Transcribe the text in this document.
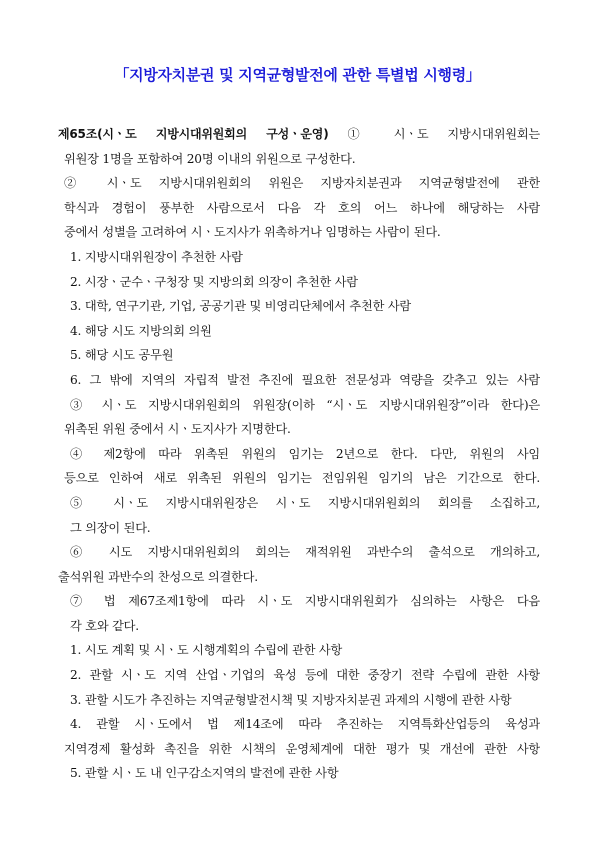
「지방자치분권 및 지역균형발전에 관한 특별법 시행령」
제65조(시ㆍ도 지방시대위원회의 구성ㆍ운영) ① 시ㆍ도 지방시대위원회는
위원장 1명을 포함하여 20명 이내의 위원으로 구성한다.
② 시ㆍ도 지방시대위원회의 위원은 지방자치분권과 지역균형발전에 관한
학식과 경험이 풍부한 사람으로서 다음 각 호의 어느 하나에 해당하는 사람
중에서 성별을 고려하여 시ㆍ도지사가 위촉하거나 임명하는 사람이 된다.
1. 지방시대위원장이 추천한 사람
2. 시장ㆍ군수ㆍ구청장 및 지방의회 의장이 추천한 사람
3. 대학, 연구기관, 기업, 공공기관 및 비영리단체에서 추천한 사람
4. 해당 시도 지방의회 의원
5. 해당 시도 공무원
6. 그 밖에 지역의 자립적 발전 추진에 필요한 전문성과 역량을 갖추고 있는 사람
③ 시ㆍ도 지방시대위원회의 위원장(이하 “시ㆍ도 지방시대위원장”이라 한다)은
위촉된 위원 중에서 시ㆍ도지사가 지명한다.
④ 제2항에 따라 위촉된 위원의 임기는 2년으로 한다. 다만, 위원의 사임
등으로 인하여 새로 위촉된 위원의 임기는 전임위원 임기의 남은 기간으로 한다.
⑤ 시ㆍ도 지방시대위원장은 시ㆍ도 지방시대위원회의 회의를 소집하고,
그 의장이 된다.
⑥ 시도 지방시대위원회의 회의는 재적위원 과반수의 출석으로 개의하고,
출석위원 과반수의 찬성으로 의결한다.
⑦ 법 제67조제1항에 따라 시ㆍ도 지방시대위원회가 심의하는 사항은 다음
각 호와 같다.
1. 시도 계획 및 시ㆍ도 시행계획의 수립에 관한 사항
2. 관할 시ㆍ도 지역 산업ㆍ기업의 육성 등에 대한 중장기 전략 수립에 관한 사항
3. 관할 시도가 추진하는 지역균형발전시책 및 지방자치분권 과제의 시행에 관한 사항
4. 관할 시ㆍ도에서 법 제14조에 따라 추진하는 지역특화산업등의 육성과
지역경제 활성화 촉진을 위한 시책의 운영체계에 대한 평가 및 개선에 관한 사항
5. 관할 시ㆍ도 내 인구감소지역의 발전에 관한 사항
